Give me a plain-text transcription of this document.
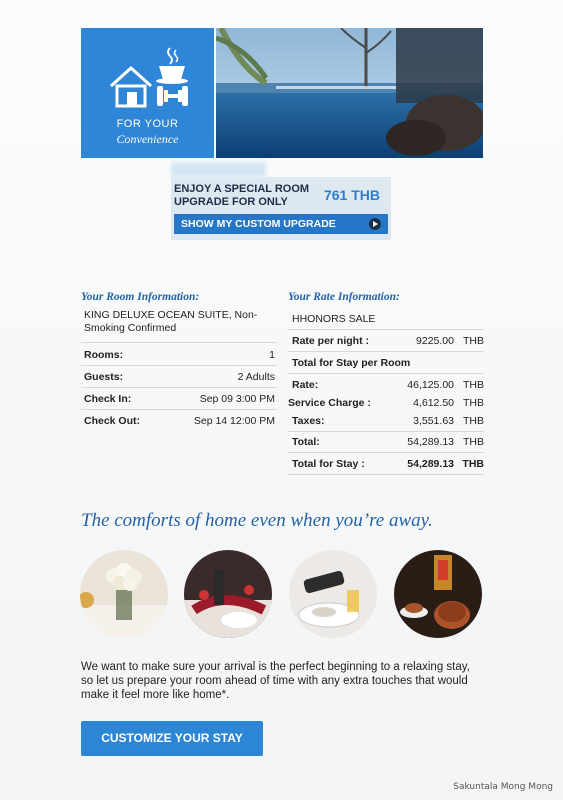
FOR YOUR
Convenience
ENJOY A SPECIAL ROOM UPGRADE FOR ONLY	761 THB
SHOW MY CUSTOM UPGRADE
Your Room Information:
KING DELUXE OCEAN SUITE, Non-Smoking Confirmed
Rooms:	1
Guests:	2 Adults
Check In:	Sep 09 3:00 PM
Check Out:	Sep 14 12:00 PM
Your Rate Information:
HHONORS SALE
Rate per night :	9225.00 THB
Total for Stay per Room
Rate:	46,125.00 THB
Service Charge :	4,612.50 THB
Taxes:	3,551.63 THB
Total:	54,289.13 THB
Total for Stay :	54,289.13 THB
The comforts of home even when you’re away.
We want to make sure your arrival is the perfect beginning to a relaxing stay, so let us prepare your room ahead of time with any extra touches that would make it feel more like home*.
CUSTOMIZE YOUR STAY
Sakuntala Mong Mong
